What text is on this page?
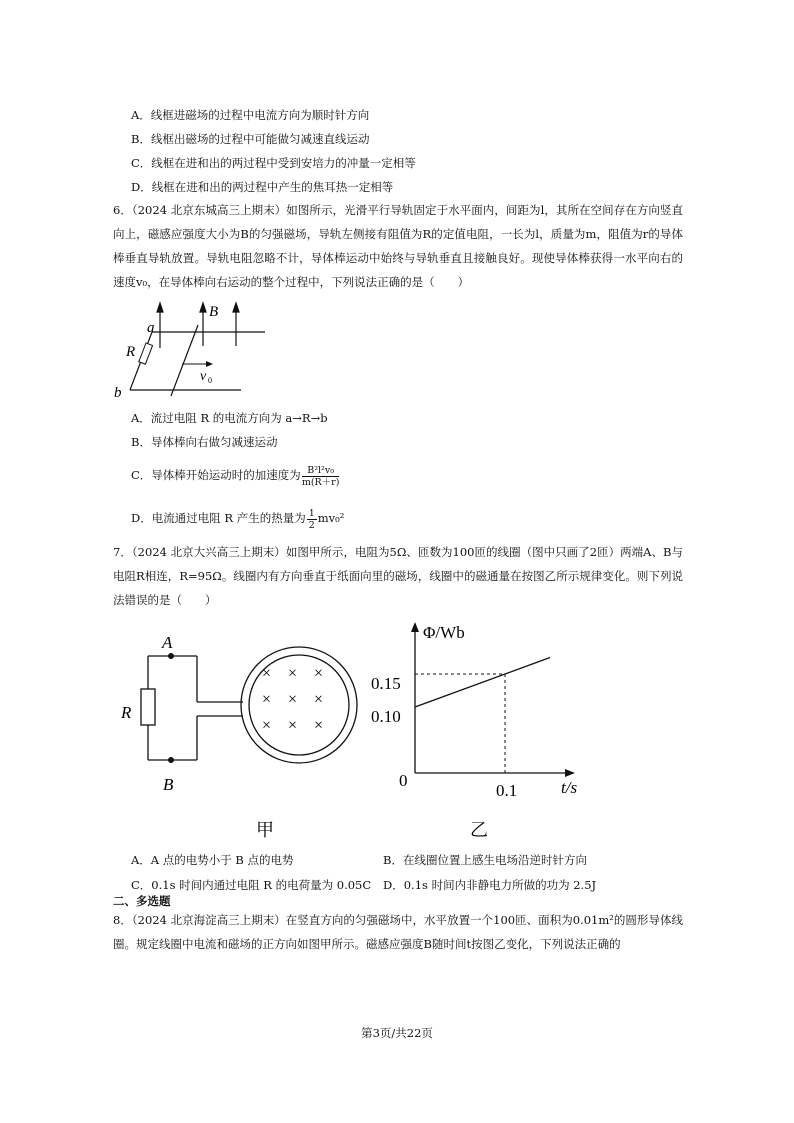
A．线框进磁场的过程中电流方向为顺时针方向
B．线框出磁场的过程中可能做匀减速直线运动
C．线框在进和出的两过程中受到安培力的冲量一定相等
D．线框在进和出的两过程中产生的焦耳热一定相等
6．（2024 北京东城高三上期末）如图所示，光滑平行导轨固定于水平面内，间距为l，其所在空间存在方向竖直向上，磁感应强度大小为B的匀强磁场，导轨左侧接有阻值为R的定值电阻，一长为l，质量为m，阻值为r的导体棒垂直导轨放置。导轨电阻忽略不计，导体棒运动中始终与导轨垂直且接触良好。现使导体棒获得一水平向右的速度v₀，在导体棒向右运动的整个过程中，下列说法正确的是（　　）
a
b
R
B
v 0
A．流过电阻 R 的电流方向为 a→R→b
B．导体棒向右做匀减速运动
C．导体棒开始运动时的加速度为 $\frac{\text{B²l²v₀}}{m(R+r)}$
D．电流通过电阻 R 产生的热量为 $\frac{1}{2} mv_0^2$
7．（2024 北京大兴高三上期末）如图甲所示，电阻为5Ω、匝数为100匝的线圈（图中只画了2匝）两端A、B与电阻R相连，R=95Ω。线圈内有方向垂直于纸面向里的磁场，线圈中的磁通量在按图乙所示规律变化。则下列说法错误的是（　　）
A
B
R
× × ×
× × ×
× × ×
甲
Φ/Wb
t/s
0
0.15
0.10
0.1
乙
A．A 点的电势小于 B 点的电势	B．在线圈位置上感生电场沿逆时针方向
C．0.1s 时间内通过电阻 R 的电荷量为 0.05C D．0.1s 时间内非静电力所做的功为 2.5J
二、多选题
8．（2024 北京海淀高三上期末）在竖直方向的匀强磁场中，水平放置一个100匝、面积为0.01m²的圆形导体线圈。规定线圈中电流和磁场的正方向如图甲所示。磁感应强度B随时间t按图乙变化，下列说法正确的
第3页/共22页
